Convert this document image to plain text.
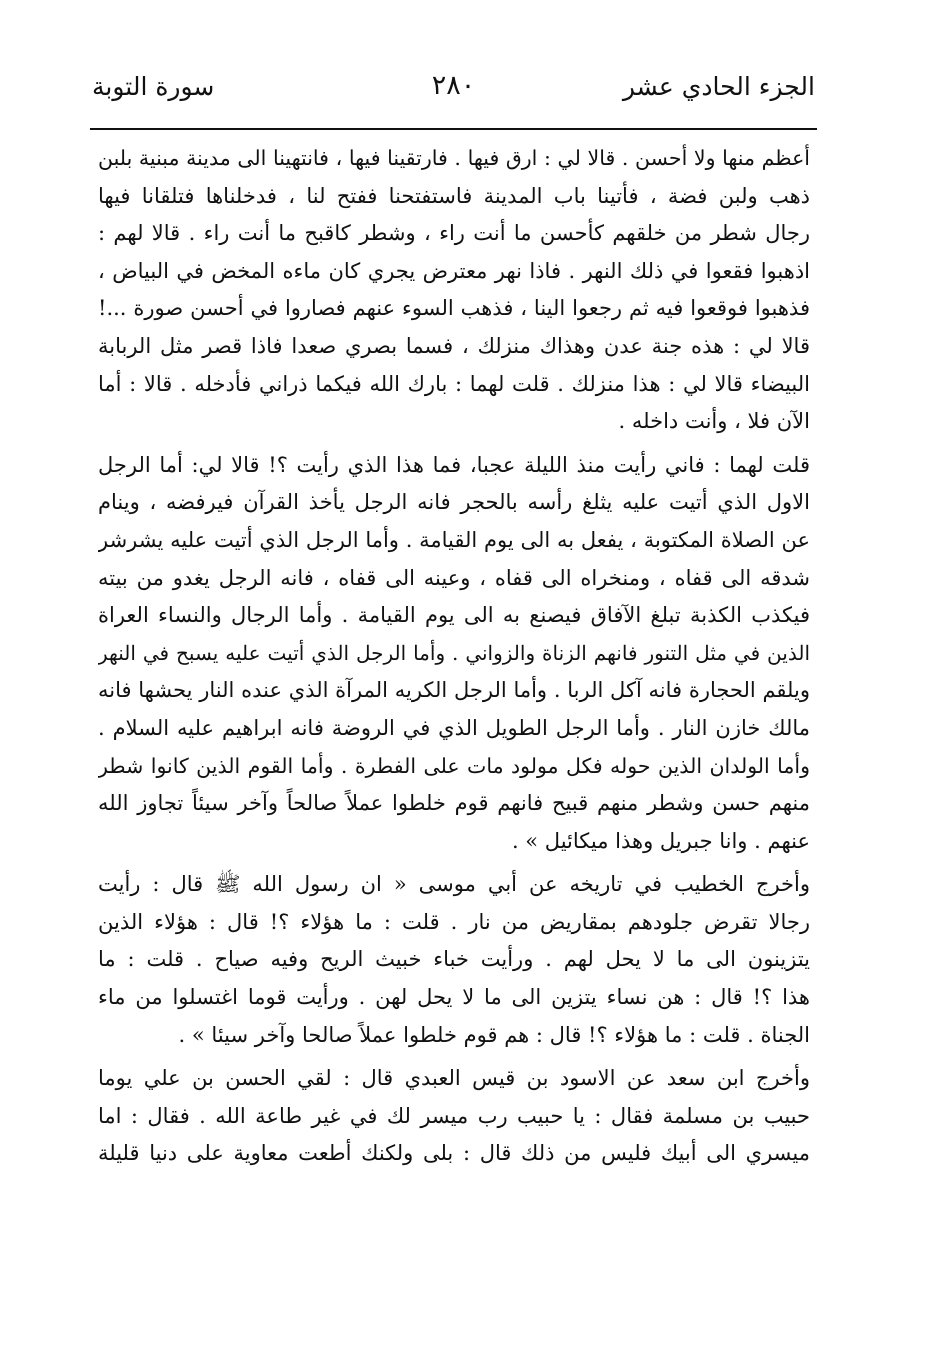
الجزء الحادي عشر
٢٨٠
سورة التوبة

أعظم منها ولا أحسن . قالا لي : ارق فيها . فارتقينا فيها ، فانتهينا الى مدينة مبنية بلبن
ذهب ولبن فضة ، فأتينا باب المدينة فاستفتحنا ففتح لنا ، فدخلناها فتلقانا فيها
رجال شطر من خلقهم كأحسن ما أنت راء ، وشطر كاقبح ما أنت راء . قالا لهم :
اذهبوا فقعوا في ذلك النهر . فاذا نهر معترض يجري كان ماءه المخض في البياض ،
فذهبوا فوقعوا فيه ثم رجعوا الينا ، فذهب السوء عنهم فصاروا في أحسن صورة ...!
قالا لي : هذه جنة عدن وهذاك منزلك ، فسما بصري صعدا فاذا قصر مثل الربابة
البيضاء قالا لي : هذا منزلك . قلت لهما : بارك الله فيكما ذراني فأدخله . قالا : أما
الآن فلا ، وأنت داخله .

قلت لهما : فاني رأيت منذ الليلة عجبا، فما هذا الذي رأيت ؟! قالا لي: أما الرجل
الاول الذي أتيت عليه يثلغ رأسه بالحجر فانه الرجل يأخذ القرآن فيرفضه ، وينام
عن الصلاة المكتوبة ، يفعل به الى يوم القيامة . وأما الرجل الذي أتيت عليه يشرشر
شدقه الى قفاه ، ومنخراه الى قفاه ، وعينه الى قفاه ، فانه الرجل يغدو من بيته
فيكذب الكذبة تبلغ الآفاق فيصنع به الى يوم القيامة . وأما الرجال والنساء العراة
الذين في مثل التنور فانهم الزناة والزواني . وأما الرجل الذي أتيت عليه يسبح في النهر
ويلقم الحجارة فانه آكل الربا . وأما الرجل الكريه المرآة الذي عنده النار يحشها فانه
مالك خازن النار . وأما الرجل الطويل الذي في الروضة فانه ابراهيم عليه السلام .
وأما الولدان الذين حوله فكل مولود مات على الفطرة . وأما القوم الذين كانوا شطر
منهم حسن وشطر منهم قبيح فانهم قوم خلطوا عملاً صالحاً وآخر سيئاً تجاوز الله
عنهم . وانا جبريل وهذا ميكائيل » .

وأخرج الخطيب في تاريخه عن أبي موسى « ان رسول الله ﷺ قال : رأيت
رجالا تقرض جلودهم بمقاريض من نار . قلت : ما هؤلاء ؟! قال : هؤلاء الذين
يتزينون الى ما لا يحل لهم . ورأيت خباء خبيث الريح وفيه صياح . قلت : ما
هذا ؟! قال : هن نساء يتزين الى ما لا يحل لهن . ورأيت قوما اغتسلوا من ماء
الجناة . قلت : ما هؤلاء ؟! قال : هم قوم خلطوا عملاً صالحا وآخر سيئا » .

وأخرج ابن سعد عن الاسود بن قيس العبدي قال : لقي الحسن بن علي يوما
حبيب بن مسلمة فقال : يا حبيب رب ميسر لك في غير طاعة الله . فقال : اما
ميسري الى أبيك فليس من ذلك قال : بلى ولكنك أطعت معاوية على دنيا قليلة
